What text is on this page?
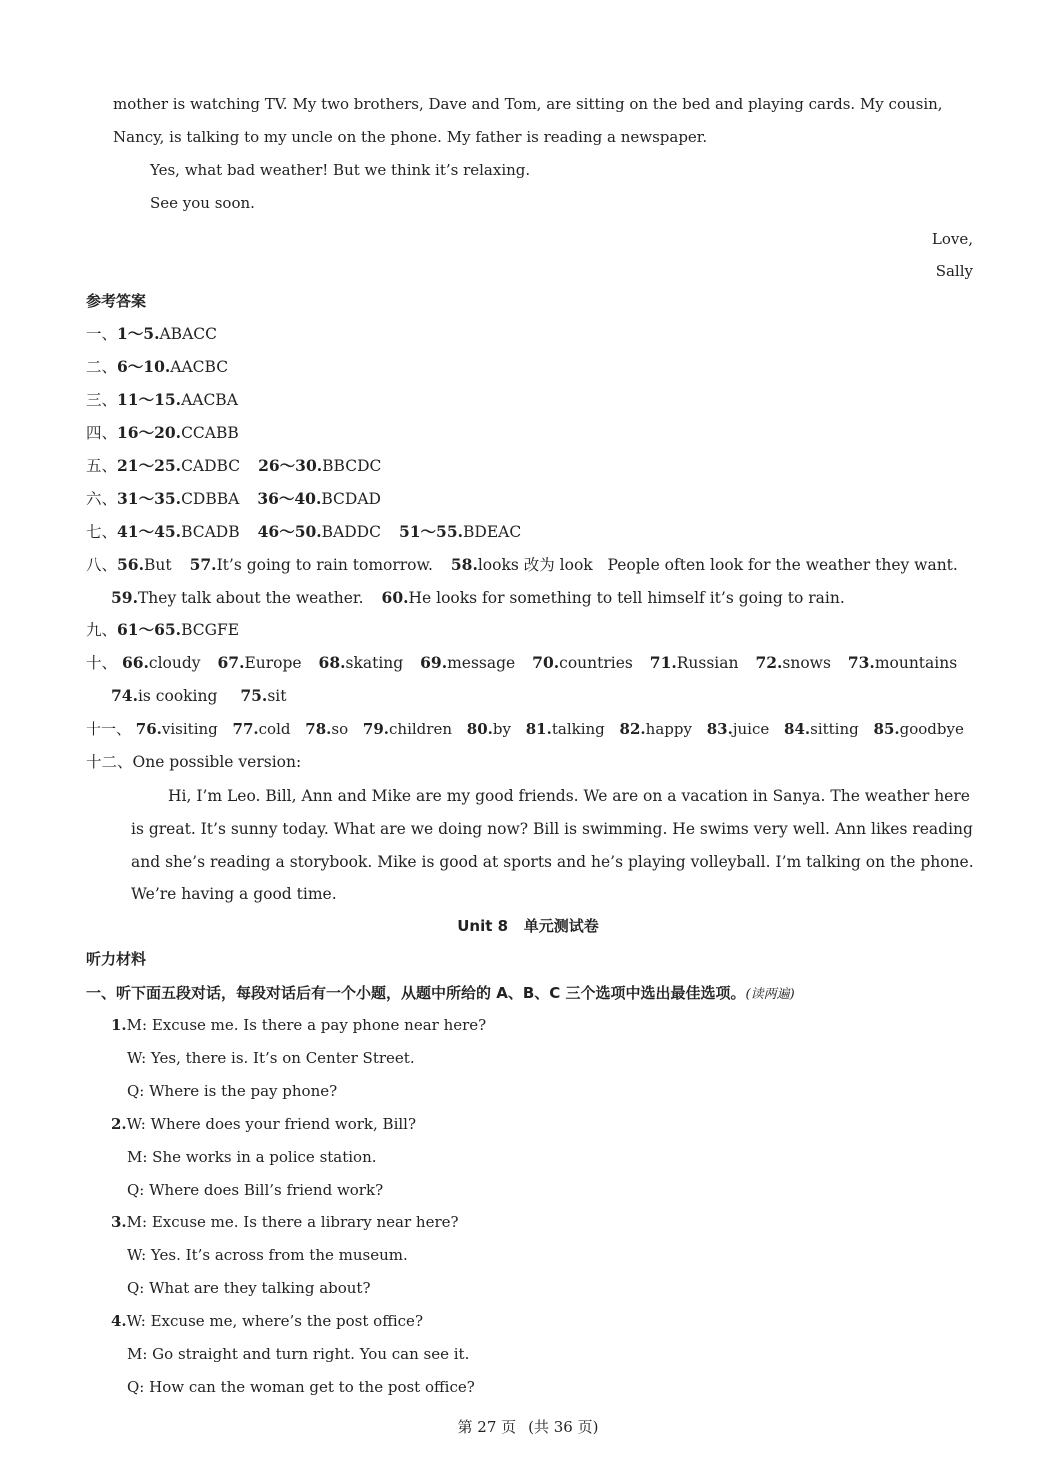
mother is watching TV. My two brothers, Dave and Tom, are sitting on the bed and playing cards. My cousin,
Nancy, is talking to my uncle on the phone. My father is reading a newspaper.
Yes, what bad weather! But we think it’s relaxing.
See you soon.
Love,
Sally
参考答案
一、1～5.ABACC
二、6～10.AACBC
三、11～15.AACBA
四、16～20.CCABB
五、21～25.CADBC 26～30.BBCDC
六、31～35.CDBBA 36～40.BCDAD
七、41～45.BCADB 46～50.BADDC 51～55.BDEAC
八、56.But 57.It’s going to rain tomorrow. 58.looks 改为 look   People often look for the weather they want.
59.They talk about the weather. 60.He looks for something to tell himself it’s going to rain.
九、61～65.BCGFE
十、 66.cloudy 67.Europe 68.skating 69.message 70.countries 71.Russian 72.snows 73.mountains
74.is cooking 75.sit
十一、 76.visiting 77.cold 78.so 79.children 80.by 81.talking 82.happy 83.juice 84.sitting 85.goodbye
十二、One possible version:
Hi, I’m Leo. Bill, Ann and Mike are my good friends. We are on a vacation in Sanya. The weather here
is great. It’s sunny today. What are we doing now? Bill is swimming. He swims very well. Ann likes reading
and she’s reading a storybook. Mike is good at sports and he’s playing volleyball. I’m talking on the phone.
We’re having a good time.
Unit 8   单元测试卷
听力材料
一、听下面五段对话，每段对话后有一个小题，从题中所给的 A、B、C 三个选项中选出最佳选项。(读两遍)
1.M: Excuse me. Is there a pay phone near here?
W: Yes, there is. It’s on Center Street.
Q: Where is the pay phone?
2.W: Where does your friend work, Bill?
M: She works in a police station.
Q: Where does Bill’s friend work?
3.M: Excuse me. Is there a library near here?
W: Yes. It’s across from the museum.
Q: What are they talking about?
4.W: Excuse me, where’s the post office?
M: Go straight and turn right. You can see it.
Q: How can the woman get to the post office?
第 27 页 (共 36 页)
